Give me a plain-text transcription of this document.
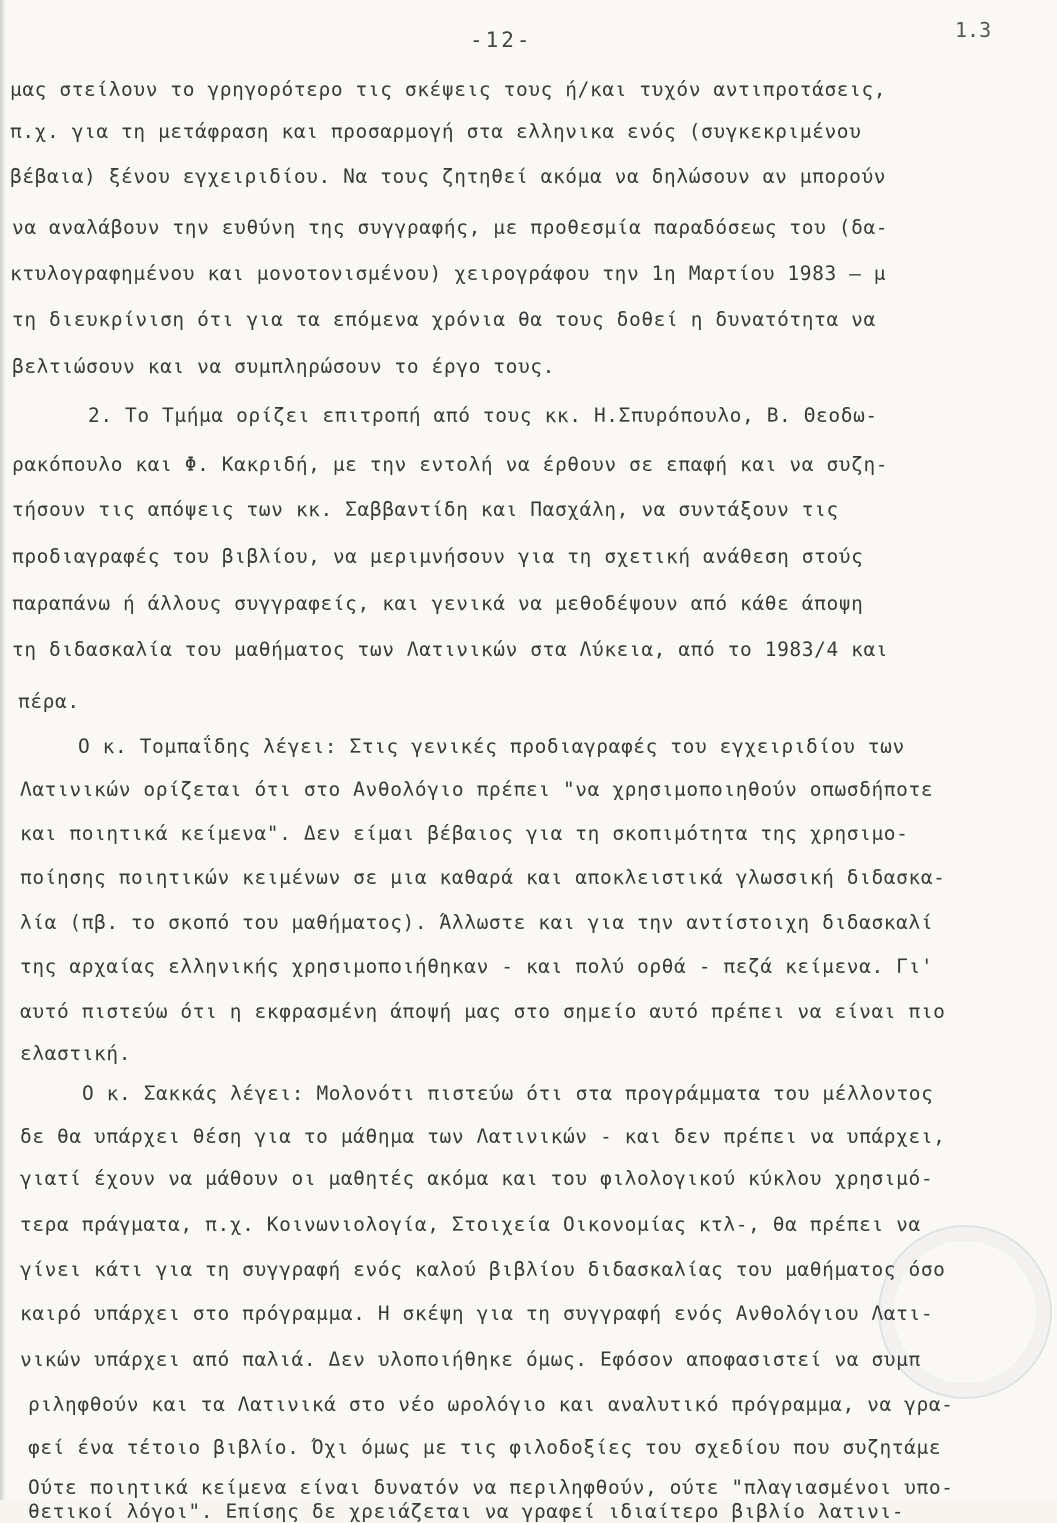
-12-	1.3
μας στείλουν το γρηγορότερο τις σκέψεις τους ή/και τυχόν αντιπροτάσεις,
π.χ. για τη μετάφραση και προσαρμογή στα ελληνικα ενός (συγκεκριμένου
βέβαια) ξένου εγχειριδίου. Να τους ζητηθεί ακόμα να δηλώσουν αν μπορούν
να αναλάβουν την ευθύνη της συγγραφής, με προθεσμία παραδόσεως του (δα-
κτυλογραφημένου και μονοτονισμένου) χειρογράφου την 1η Μαρτίου 1983 — μ
τη διευκρίνιση ότι για τα επόμενα χρόνια θα τους δοθεί η δυνατότητα να
βελτιώσουν και να συμπληρώσουν το έργο τους.
2. Το Τμήμα ορίζει επιτροπή από τους κκ. Η.Σπυρόπουλο, Β. Θεοδω-
ρακόπουλο και Φ. Κακριδή, με την εντολή να έρθουν σε επαφή και να συζη-
τήσουν τις απόψεις των κκ. Σαββαντίδη και Πασχάλη, να συντάξουν τις
προδιαγραφές του βιβλίου, να μεριμνήσουν για τη σχετική ανάθεση στούς
παραπάνω ή άλλους συγγραφείς, και γενικά να μεθοδέψουν από κάθε άποψη
τη διδασκαλία του μαθήματος των Λατινικών στα Λύκεια, από το 1983/4 και
πέρα.
Ο κ. Τομπαΐδης λέγει: Στις γενικές προδιαγραφές του εγχειριδίου των
Λατινικών ορίζεται ότι στο Ανθολόγιο πρέπει "να χρησιμοποιηθούν οπωσδήποτε
και ποιητικά κείμενα". Δεν είμαι βέβαιος για τη σκοπιμότητα της χρησιμο-
ποίησης ποιητικών κειμένων σε μια καθαρά και αποκλειστικά γλωσσική διδασκα-
λία (πβ. το σκοπό του μαθήματος). Άλλωστε και για την αντίστοιχη διδασκαλί
της αρχαίας ελληνικής χρησιμοποιήθηκαν - και πολύ ορθά - πεζά κείμενα. Γι'
αυτό πιστεύω ότι η εκφρασμένη άποψή μας στο σημείο αυτό πρέπει να είναι πιο
ελαστική.
Ο κ. Σακκάς λέγει: Μολονότι πιστεύω ότι στα προγράμματα του μέλλοντος
δε θα υπάρχει θέση για το μάθημα των Λατινικών - και δεν πρέπει να υπάρχει,
γιατί έχουν να μάθουν οι μαθητές ακόμα και του φιλολογικού κύκλου χρησιμό-
τερα πράγματα, π.χ. Κοινωνιολογία, Στοιχεία Οικονομίας κτλ-, θα πρέπει να
γίνει κάτι για τη συγγραφή ενός καλού βιβλίου διδασκαλίας του μαθήματος όσο
καιρό υπάρχει στο πρόγραμμα. Η σκέψη για τη συγγραφή ενός Ανθολόγιου Λατι-
νικών υπάρχει από παλιά. Δεν υλοποιήθηκε όμως. Εφόσον αποφασιστεί να συμπ
ριληφθούν και τα Λατινικά στο νέο ωρολόγιο και αναλυτικό πρόγραμμα, να γρα-
φεί ένα τέτοιο βιβλίο. Όχι όμως με τις φιλοδοξίες του σχεδίου που συζητάμε
Ούτε ποιητικά κείμενα είναι δυνατόν να περιληφθούν, ούτε "πλαγιασμένοι υπο-
θετικοί λόγοι". Επίσης δε χρειάζεται να γραφεί ιδιαίτερο βιβλίο λατινι-
